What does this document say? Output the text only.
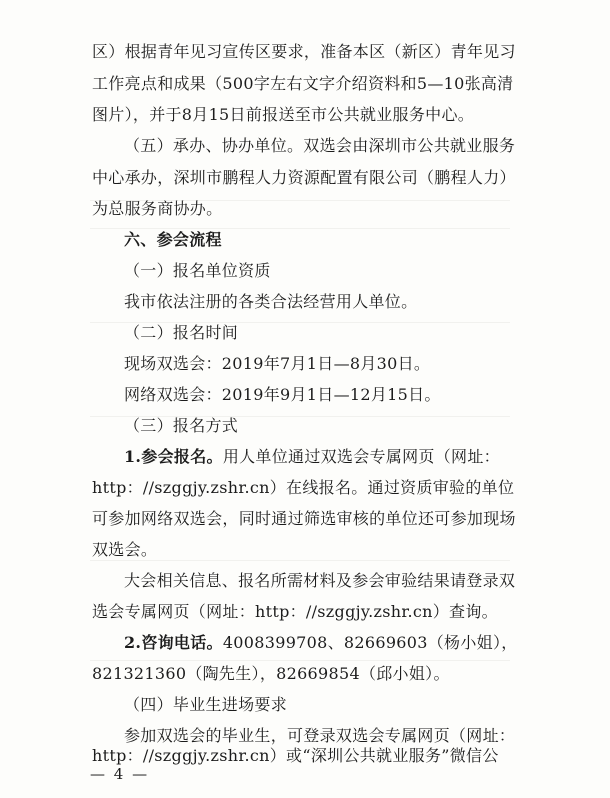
区）根据青年见习宣传区要求，准备本区（新区）青年见习
工作亮点和成果（500字左右文字介绍资料和5—10张高清
图片），并于8月15日前报送至市公共就业服务中心。
（五）承办、协办单位。双选会由深圳市公共就业服务
中心承办，深圳市鹏程人力资源配置有限公司（鹏程人力）
为总服务商协办。
六、参会流程
（一）报名单位资质
我市依法注册的各类合法经营用人单位。
（二）报名时间
现场双选会：2019年7月1日—8月30日。
网络双选会：2019年9月1日—12月15日。
（三）报名方式
1.参会报名。用人单位通过双选会专属网页（网址：
http：//szggjy.zshr.cn）在线报名。通过资质审验的单位
可参加网络双选会，同时通过筛选审核的单位还可参加现场
双选会。
大会相关信息、报名所需材料及参会审验结果请登录双
选会专属网页（网址：http：//szggjy.zshr.cn）查询。
2.咨询电话。4008399708、82669603（杨小姐），
821321360（陶先生），82669854（邱小姐）。
（四）毕业生进场要求
参加双选会的毕业生，可登录双选会专属网页（网址：
http：//szggjy.zshr.cn）或“深圳公共就业服务”微信公
— 4 —
